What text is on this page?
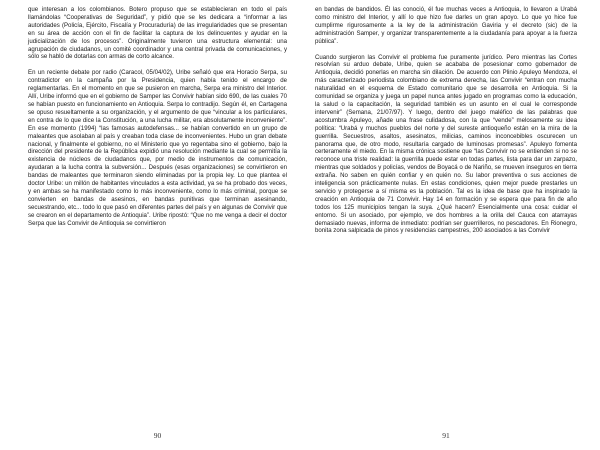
que interesan a los colombianos. Botero propuso que se establecieran en todo el país llamándolas “Cooperativas de Seguridad”, y pidió que se les dedicara a “informar a las autoridades (Policía, Ejército, Fiscalía y Procuraduría) de las irregularidades que se presentan en su área de acción con el fin de facilitar la captura de los delincuentes y ayudar en la judicialización de los procesos”. Originalmente tuvieron una estructura elemental: una agrupación de ciudadanos, un comité coordinador y una central privada de comunicaciones, y sólo se habló de dotarlas con armas de corto alcance.

En un reciente debate por radio (Caracol, 05/04/02), Uribe señaló que era Horacio Serpa, su contradictor en la campaña por la Presidencia, quien había tenido el encargo de reglamentarlas. En el momento en que se pusieron en marcha, Serpa era ministro del Interior. Allí, Uribe informó que en el gobierno de Samper las Convivir habían sido 690, de las cuales 70 se habían puesto en funcionamiento en Antioquia. Serpa lo contradijo. Según él, en Cartagena se opuso resueltamente a su organización, y el argumento de que “vincular a los particulares, en contra de lo que dice la Constitución, a una lucha militar, era absolutamente inconveniente”. En ese momento (1994) “las famosas autodefensas... se habían convertido en un grupo de maleantes que asolaban al país y creaban toda clase de inconvenientes. Hubo un gran debate nacional, y finalmente el gobierno, no el Ministerio que yo regentaba sino el gobierno, bajo la dirección del presidente de la República expidió una resolución mediante la cual se permitía la existencia de núcleos de ciudadanos que, por medio de instrumentos de comunicación, ayudaran a la lucha contra la subversión... Después (esas organizaciones) se convirtieron en bandas de maleantes que terminaron siendo eliminadas por la propia ley. Lo que plantea el doctor Uribe: un millón de habitantes vinculados a esta actividad, ya se ha probado dos veces, y en ambas se ha manifestado como lo más inconveniente, como lo más criminal, porque se convierten en bandas de asesinos, en bandas punitivas que terminan asesinando, secuestrando, etc... todo lo que pasó en diferentes partes del país y en algunas de Convivir que se crearon en el departamento de Antioquia”. Uribe ripostó: “Que no me venga a decir el doctor Serpa que las Convivir de Antioquia se convirtieron

90

en bandas de bandidos. Él las conoció, él fue muchas veces a Antioquia, lo llevaron a Urabá como ministro del Interior, y allí lo que hizo fue darles un gran apoyo. Lo que yo hice fue cumplirme rigurosamente a la ley de la administración Gaviria y el decreto (sic) de la administración Samper, y organizar transparentemente a la ciudadanía para apoyar a la fuerza pública”.

Cuando surgieron las Convivir el problema fue puramente jurídico. Pero mientras las Cortes resolvían su arduo debate, Uribe, quien se acababa de posesionar como gobernador de Antioquia, decidió ponerlas en marcha sin dilación. De acuerdo con Plinio Apuleyo Mendoza, el más caracterizado periodista colombiano de extrema derecha, las Convivir “entran con mucha naturalidad en el esquema de Estado comunitario que se desarrolla en Antioquia. Si la comunidad se organiza y juega un papel nunca antes jugado en programas como la educación, la salud o la capacitación, la seguridad también es un asunto en el cual le corresponde intervenir” (Semana, 21/07/97). Y luego, dentro del juego maléfico de las palabras que acostumbra Apuleyo, añade una frase culidadosa, con la que “vende” melosamente su idea política: “Urabá y muchos pueblos del norte y del sureste antioqueño están en la mira de la guerrilla. Secuestros, asaltos, asesinatos, milicias, caminos inconcebibles oscurecen un panorama que, de otro modo, resultaría cargado de luminosas promesas”. Apuleyo fomenta certeramente el miedo. En la misma crónica sostiene que “las Convivir no se entienden si no se reconoce una triste realidad: la guerrilla puede estar en todas partes, lista para dar un zarpazo, mientras que soldados y policías, vendos de Boyacá o de Nariño, se mueven inseguros en tierra extraña. No saben en quién confiar y en quién no. Su labor preventiva o sus acciones de inteligencia son prácticamente nulas. En estas condiciones, quien mejor puede prestarles un servicio y protegerse a sí misma es la población. Tal es la idea de base que ha inspirado la creación en Antioquia de 71 Convivir. Hay 14 en formación y se espera que para fin de año todos los 125 municipios tengan la suya. ¿Qué hacen? Esencialmente una cosa: cuidar el entorno. Si un asociado, por ejemplo, ve dos hombres a la orilla del Cauca con atarrayas demasiado nuevas, informa de inmediato: podrían ser guerrilleros, no pescadores. En Rionegro, bonita zona salpicada de pinos y residencias campestres, 200 asociados a las Convivir

91
